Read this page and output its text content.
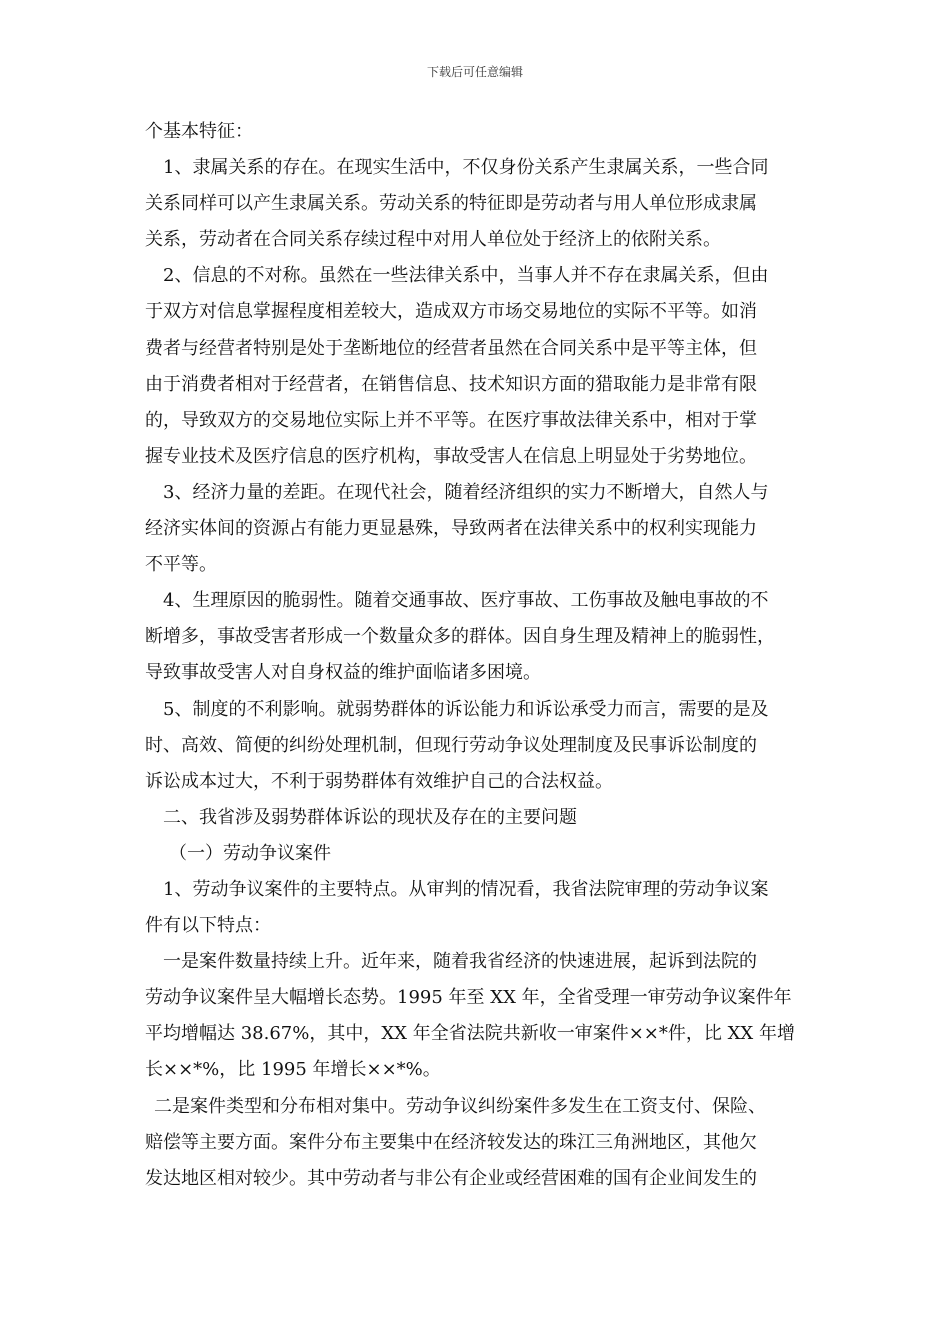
下载后可任意编辑
个基本特征：
1、隶属关系的存在。在现实生活中，不仅身份关系产生隶属关系，一些合同
关系同样可以产生隶属关系。劳动关系的特征即是劳动者与用人单位形成隶属
关系，劳动者在合同关系存续过程中对用人单位处于经济上的依附关系。
2、信息的不对称。虽然在一些法律关系中，当事人并不存在隶属关系，但由
于双方对信息掌握程度相差较大，造成双方市场交易地位的实际不平等。如消
费者与经营者特别是处于垄断地位的经营者虽然在合同关系中是平等主体，但
由于消费者相对于经营者，在销售信息、技术知识方面的猎取能力是非常有限
的，导致双方的交易地位实际上并不平等。在医疗事故法律关系中，相对于掌
握专业技术及医疗信息的医疗机构，事故受害人在信息上明显处于劣势地位。
3、经济力量的差距。在现代社会，随着经济组织的实力不断增大，自然人与
经济实体间的资源占有能力更显悬殊，导致两者在法律关系中的权利实现能力
不平等。
4、生理原因的脆弱性。随着交通事故、医疗事故、工伤事故及触电事故的不
断增多，事故受害者形成一个数量众多的群体。因自身生理及精神上的脆弱性，
导致事故受害人对自身权益的维护面临诸多困境。
5、制度的不利影响。就弱势群体的诉讼能力和诉讼承受力而言，需要的是及
时、高效、简便的纠纷处理机制，但现行劳动争议处理制度及民事诉讼制度的
诉讼成本过大，不利于弱势群体有效维护自己的合法权益。
二、我省涉及弱势群体诉讼的现状及存在的主要问题
（一）劳动争议案件
1、劳动争议案件的主要特点。从审判的情况看，我省法院审理的劳动争议案
件有以下特点：
一是案件数量持续上升。近年来，随着我省经济的快速进展，起诉到法院的
劳动争议案件呈大幅增长态势。1995 年至 XX 年，全省受理一审劳动争议案件年
平均增幅达 38.67%，其中，XX 年全省法院共新收一审案件××*件，比 XX 年增
长××*%，比 1995 年增长××*%。
二是案件类型和分布相对集中。劳动争议纠纷案件多发生在工资支付、保险、
赔偿等主要方面。案件分布主要集中在经济较发达的珠江三角洲地区，其他欠
发达地区相对较少。其中劳动者与非公有企业或经营困难的国有企业间发生的
